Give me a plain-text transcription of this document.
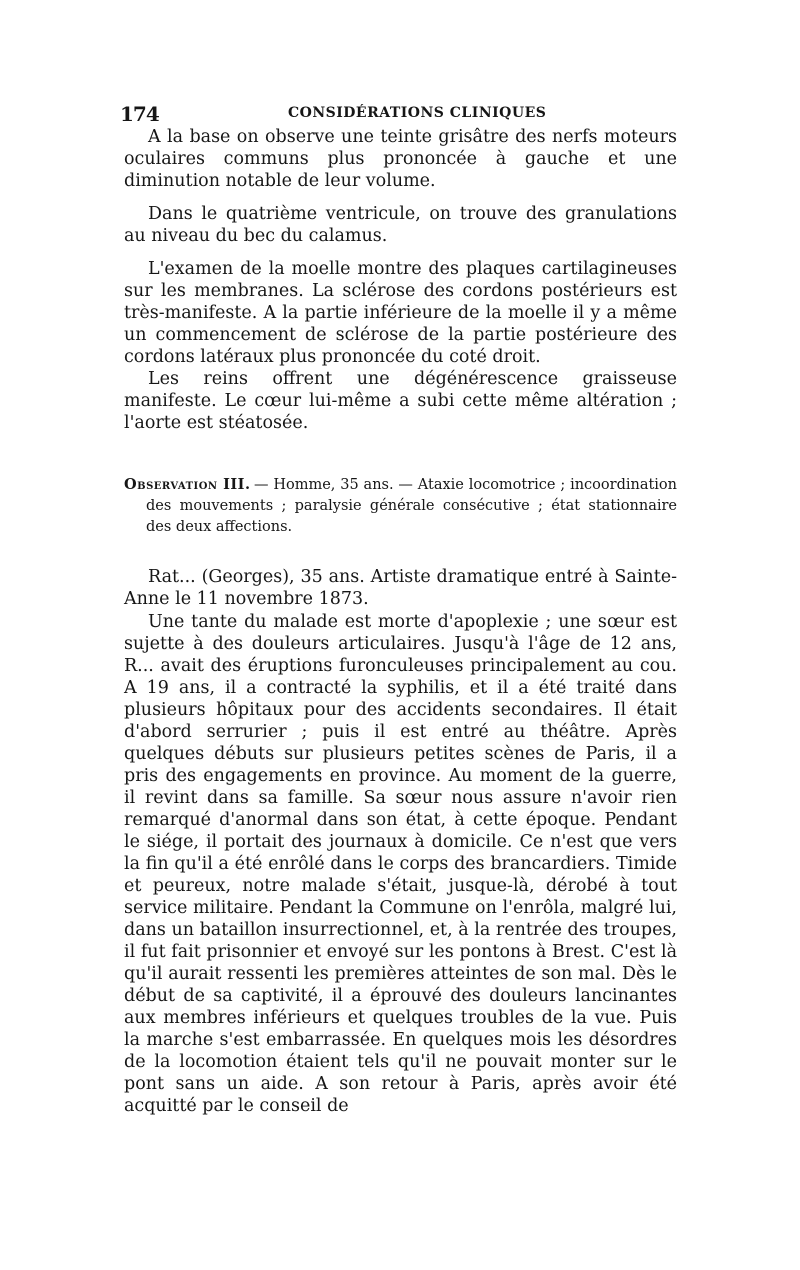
174	CONSIDÉRATIONS CLINIQUES

A la base on observe une teinte grisâtre des nerfs moteurs oculaires communs plus prononcée à gauche et une diminution notable de leur volume.

Dans le quatrième ventricule, on trouve des granulations au niveau du bec du calamus.

L'examen de la moelle montre des plaques cartilagineuses sur les membranes. La sclérose des cordons postérieurs est très-manifeste. A la partie inférieure de la moelle il y a même un commencement de sclérose de la partie postérieure des cordons latéraux plus prononcée du coté droit.

Les reins offrent une dégénérescence graisseuse manifeste. Le cœur lui-même a subi cette même altération ; l'aorte est stéatosée.

Observation III. — Homme, 35 ans. — Ataxie locomotrice ; incoordination des mouvements ; paralysie générale consécutive ; état stationnaire des deux affections.

Rat... (Georges), 35 ans. Artiste dramatique entré à Sainte-Anne le 11 novembre 1873.

Une tante du malade est morte d'apoplexie ; une sœur est sujette à des douleurs articulaires. Jusqu'à l'âge de 12 ans, R... avait des éruptions furonculeuses principalement au cou. A 19 ans, il a contracté la syphilis, et il a été traité dans plusieurs hôpitaux pour des accidents secondaires. Il était d'abord serrurier ; puis il est entré au théâtre. Après quelques débuts sur plusieurs petites scènes de Paris, il a pris des engagements en province. Au moment de la guerre, il revint dans sa famille. Sa sœur nous assure n'avoir rien remarqué d'anormal dans son état, à cette époque. Pendant le siége, il portait des journaux à domicile. Ce n'est que vers la fin qu'il a été enrôlé dans le corps des brancardiers. Timide et peureux, notre malade s'était, jusque-là, dérobé à tout service militaire. Pendant la Commune on l'enrôla, malgré lui, dans un bataillon insurrectionnel, et, à la rentrée des troupes, il fut fait prisonnier et envoyé sur les pontons à Brest. C'est là qu'il aurait ressenti les premières atteintes de son mal. Dès le début de sa captivité, il a éprouvé des douleurs lancinantes aux membres inférieurs et quelques troubles de la vue. Puis la marche s'est embarrassée. En quelques mois les désordres de la locomotion étaient tels qu'il ne pouvait monter sur le pont sans un aide. A son retour à Paris, après avoir été acquitté par le conseil de
